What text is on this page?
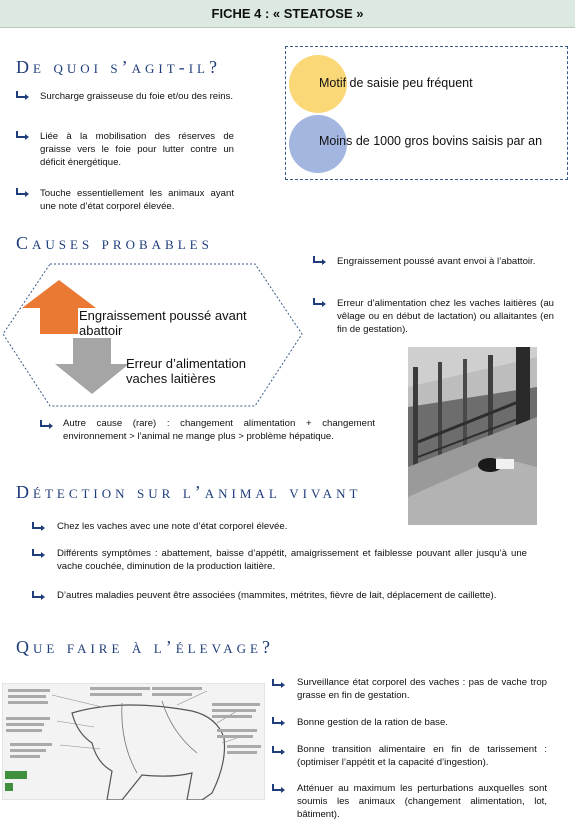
FICHE 4 : « STEATOSE »
De quoi s’agit-il?
Surcharge graisseuse du foie et/ou des reins.
Liée à la mobilisation des réserves de graisse vers le foie pour lutter contre un déficit énergétique.
Touche essentiellement les animaux ayant une note d’état corporel élevée.
Motif de saisie peu fréquent
Moins de 1000 gros bovins saisis par an
Causes probables
Engraissement poussé avant abattoir
Erreur d’alimentation vaches laitières
Engraissement poussé avant envoi à l’abattoir.
Erreur d’alimentation chez les vaches laitières (au vêlage ou en début de lactation) ou allaitantes (en fin de gestation).
Autre cause (rare) : changement alimentation + changement environnement > l’animal ne mange plus > problème hépatique.
Détection sur l’animal vivant
Chez les vaches avec une note d’état corporel élevée.
Différents symptômes : abattement, baisse d’appétit, amaigrissement et faiblesse pouvant aller jusqu’à une vache couchée, diminution de la production laitière.
D’autres maladies peuvent être associées (mammites, métrites, fièvre de lait, déplacement de caillette).
Que faire à l’élevage?
Surveillance état corporel des vaches : pas de vache trop grasse en fin de gestation.
Bonne gestion de la ration de base.
Bonne transition alimentaire en fin de tarissement : (optimiser l’appétit et la capacité d’ingestion).
Atténuer au maximum les perturbations auxquelles sont soumis les animaux (changement alimentation, lot, bâtiment).
